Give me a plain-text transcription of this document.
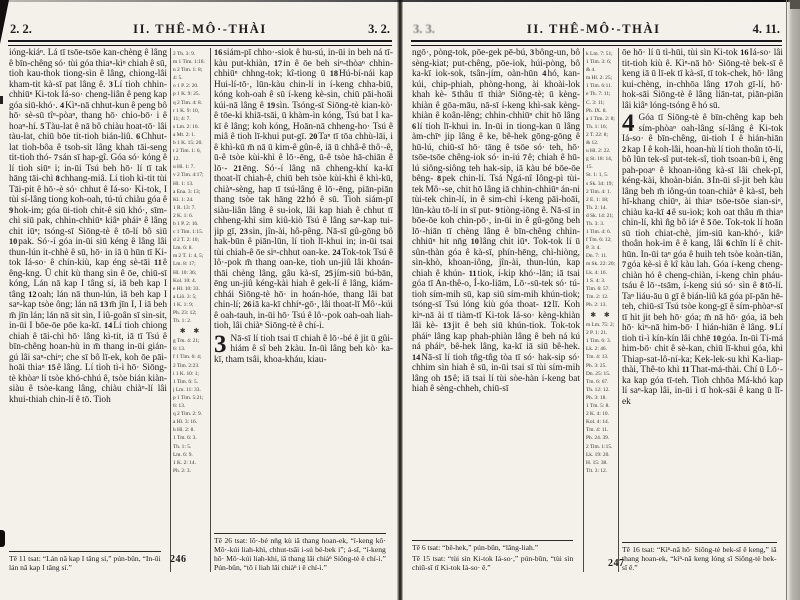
2. 2.	II. THÊ-MÔ·-THÀI	3. 2.
ióng-kiáⁿ. Lá tī tsōe-tsōe kan-chèng ê lâng ê bīn-chêng só· tùi góa thiaⁿ-kìⁿ chiah ê sū, tioh kau-thok tiong-sìn ê lâng, chiong-lâi kham-tit kà-sī pat lâng ê. 3Lí tioh chhin-chhiūⁿ Ki-tok Iá-so· cheng-liân ê peng kap góa siū-khó·. 4Kìⁿ-nā chhut-kun ê peng bô hō· sè-sū tîⁿ-pòaⁿ, thang hō· chio-bō· i ê hoaⁿ-hí. 5Tàu-lat ê nā bô chiàu hoat-tō· lâi tàu-lat, chiū bōe tit-tioh bián-liû. 6Chhut-lat tioh-bôa ê tsoh-sit lâng khah tāi-seng tit-tioh thó- 7sán sī hap-gî. Góa só· kóng ê lí tioh siūⁿ i; in-ūi Tsú beh hō· lí tī tak hāng tāi-chì 8chhang-miâ. Lí tioh kì-tit tùi Tāi-pit ê hō·-è só· chhut ê Iá-so· Ki-tok, I tùi sí-lâng tiong koh-oah, tú-tú chiàu góa ê 9hok-im; góa ūi-tioh chit-ê siū khó·, sīm-chì siū pak, chhin-chhiūⁿ kiâⁿ pháiⁿ ê lâng chit iūⁿ; tsóng-sī Siōng-tè ê tō-lí bô siū 10pak. Só·-í góa in-ūi siū kéng ê lâng lâi thun-lún it-chhè ê sū, hō· in iā ū hūn tī Ki-tok Iá-so· ê chín-kiù, kap éng sè-tāi 11ê êng-kng. Ū chit kù thang sìn ê ōe, chiū-sī kóng, Lán nā kap I tâng sí, iā beh kap I tâng 12oah; lán nā thun-lún, iā beh kap I saⁿ-kap tsòe ông; lán nā 13m̄ jīn I, I iā beh m̄ jīn lán; lán nā sit sìn, I iû-goân sī sìn-sit, in-ūi I bōe-ōe pōe ka-kī. 14Lí tioh chiong chiah ê tāi-chì hō· lâng kì-tit, iā tī Tsú ê bīn-chêng hoan-hù in m̄ thang in-ūi gián-gú lâi saⁿ-chiⁿ; che sī bô lī-ek, koh ōe pāi-hoāi thiaⁿ 15ê lâng. Lí tioh tì-ì hō· Siōng-tè khòaⁿ lí tsòe khó-chhú ê, tsòe bián kiàn-siàu ê tsòe-kang lâng, chiàu chiàⁿ-lí lâi khui-thiah chin-lí ê tō. Tioh
Tē 11 tsat: “Lán nā kap I tâng sí,” pún-bûn, “In-ūi lán nā kap I tâng sí.”
2 Th. 3: 9.
m 1 Tim. 1:18.
n 2 Tim. 1: 8;
4: 5.
o 1 P. 2: 20.
p 1 K. 9: 25.
q 2 Tim. 4: 8.
r 1 K. 9: 10,
11; 4: 7.
s Lm. 2: 16.
a Mt. 2: 1.
b 1 K. 15: 20.
t 2 Tim. 1: 6,
12.
u Hl. 1: 7.
v 2 Tim. 4:17;
Hl. 1: 13.
a Ena. 3: 13;
Kl. 1: 24.
1 R. 13: 7.
2 K. 1: 6.
b 1 P. 2: 16.
c 1 Tim. 1:15.
d 2 T. 2: 10;
Lm. 6: 8.
m 2 T. 1: 4, 5;
Lm. 8: 17;
Hl. 10: 36;
Kol. 10: 4.
e Hl. 10: 33.
a Liō. 3: 5;
1 K. 1: 9;
Ph. 23: 12;
Th. 1: 2.
✱ ✱
g Tm. 4: 21;
6: 13.
f 1 Tim. 6: 4;
2 Tim. 2:23.
i 1 K. 10: 1;
1 Tim. 6: 5.
j Lm. 11: 33.
p 1 Tim. 5:21;
6: 13.
q 2 Tim. 2: 9.
a Hl. 3: 16.
h Hl. 2: 8.
1 Tm. 6: 3.
Th. 1: 5.
Lm. 6: 9.
1 K. 2: 14.
Ph. 2: 3.
16siám-pī chho·-siok ê hu-sú, in-ūi in beh ná tī-kàu put-khiàn, 17in ê ōe beh siⁿ-thòaⁿ chhin-chhiūⁿ chhng-tok; kî-tiong ū 18Hú-bí-nái kap Hui-lí-tō·, lūn-kàu chin-lí in í-keng chha-biū, kóng koh-oah ê sū í-keng kè-sin, chiū pāi-hoāi kúi-nā lâng ê 19sìn. Tsóng-sī Siōng-tè kian-kò· ê tōe-ki khiā-tsāi, ū khàm-ìn kóng, Tsú bat I ka-kī ê lâng; koh kóng, Hoān-nā chheng-ho· Tsú ê miâ ê tioh lī-khui put-gī. 20Taⁿ tī tōa chhù-lāi, i ê khì-kū m̄ nā ū kim-ê gûn-ê, iā ū chhâ-ê thô·-ê, ū-ê tsòe kùi-khì ê lō·-ēng, ū-ê tsòe hā-chiān ê lō·- 21ēng. Só·-í lâng nā chheng-khí ka-kī thoat-lī chiah-ê, chiū beh tsòe kùi-khì ê khì-kū, chiàⁿ-sèng, hap tī tsú-lâng ê lō·-ēng, piān-piān thang tsòe tak hāng 22hó ê sū. Tioh siám-pī siàu-liân lâng ê su-iok, lâi kap hiah ê chhut tī chheng-khì sim kiû-kiò Tsú ê lâng saⁿ-kap tui-jip gī, 23sìn, jîn-ài, hô-pêng. Nā-sī gû-gōng bô hak-būn ê piān-lūn, lí tioh lī-khui in; in-ūi tsai tùi chiah-ê ōe siⁿ-chhut oan-ke. 24Tok-tok Tsú ê lô·-pok m̄ thang oan-ke, tioh un-jiû lâi khoán-thāi chèng lâng, gâu kà-sī, 25jím-siū bú-bān, ēng un-jiû kéng-kài hiah ê gek-lí ê lâng, kiám-chhái Siōng-tè hō· in hoán-hóe, thang lâi bat chin-lí; 26iā ka-kī chhíⁿ-gō·, lâi thoat-lī Mô·-kúi ê oah-tauh, in-ūi hō· Tsú ê lô·-pok oah-oah liah-tioh, lâi chiàⁿ Siōng-tè ê chí-ì.
3 Nā-sī lí tioh tsai tī chiah ê lō·-bé ê jit ū gûi-hiám ê sî beh 2kàu. In-ūi lâng beh kò· ka-kī, tham tsâi, khoa-kháu, kiau-
Tē 26 tsat: lō·-bé nn̄g kù iā thang hoan-ek, “í-keng kō· Mô·-kúi liah-khì, chhut-tsāi i-sú bé-bek i”; á-sī, “í-keng hō· Mô·-kúi liah-khì, iā thang lâi chiàⁿ Siōng-tè ê chí-ì.” Pún-bûn, “tō í liah lâi chiàⁿ i ê chí-ì.”
246
3. 3.	II. THÊ-MÔ·-THÀI	4. 11.
ngō·, pòng-tok, pōe-gek pē-bú, 3bông-un, bô sèng-kiat; put-chêng, pōe-iok, húi-pòng, bô ka-kī iok-sok, tsân-jím, oàn-hūn 4hó, kan-kúi, chip-phiah, phòng-hong, ài khoài-lok khah kè- 5thâu tī thiàⁿ Siōng-tè; ū kèng-khiàn ê gōa-māu, nā-sī í-keng khì-sak kèng-khiàn ê koân-lêng; chhin-chhiūⁿ chit hō lâng 6lí tioh lī-khui in. In-ūi in tiong-kan ū lâng àm-chīⁿ jip lâng ê ke, bê-hek gōng-gōng ê hū-lú, chiū-sī hō· tāng ê tsōe só· teh, hō· tsōe-tsōe chêng-iok só· in-iú 7ê; chiah ê hū-lú siông-siông teh hak-sip, iā kàu bé bōe-ōe bêng- 8pek chin-lí. Tsá Ngá-nî Iông-pì tùi-tek Mô·-se, chit hō lâng iā chhin-chhiūⁿ án-ni tùi-tek chin-lí, in ê sim-chì í-keng pāi-hoāi, lūn-kàu tō-lí in sī put- 9tiòng-iōng ê. Nā-sī in bōe-ōe koh chìn-pō·, in-ūi in ê gû-gōng beh lō·-hiān tī chèng lâng ê bīn-chêng chhin-chhiūⁿ hit nn̄g 10lâng chit iūⁿ. Tok-tok lí ū sûn-thàn góa ê kà-sī, phín-hēng, chì-hiòng, sìn-khò, khoan-iông, jîn-ài, thun-lún, kap chiah ê khún- 11tiok, í-kip khó·-lān; iā tsai góa tī An-thê-o, Í-ko-liām, Lō·-sū-tek só· tú-tioh sím-mih sū, kap siū sím-mih khún-tiok; tsóng-sī Tsú lóng kiù góa thoat- 12lī. Koh kìⁿ-nā ài tī tiàm-tī Ki-tok Iá-so· kèng-khiàn lâi kè- 13jit ê beh siū khún-tiok. Tok-tok pháiⁿ lâng kap phah-phiàn lâng ê beh ná kú ná pháiⁿ, bê-hek lâng, ka-kī iā siū bê-hek. 14Nā-sī lí tioh tn̂g-tn̂g tòa tī só· hak-sip só· chhim sìn hiah ê sū, in-ūi tsai sī tùi sím-mih lâng oh 15ê; iā tsai lí tùi sòe-hàn í-keng bat hiah ê sèng-chheh, chiū-sī
Tē 6 tsat: “bê-hek,” pún-bûn, “lâng-liah.”
Tē 15 tsat: “tùi sìn Ki-tok Iá-so·,” pún-bûn, “tùi sìn chiū-sī tī Ki-tok Iá-so· ê.”
k Lm. 7: 51;
1 Tim. 3: 6;
& 4.
m Hl. 2: 25;
1 Tim. 6:11.
e Th. 7: 11;
C. 3: 11;
Ph. IX. 8.
a 1 Tim. 2: 8;
Th. 1: 16;
2 T. 22: 8;
& 12.
u Hl. 2: 22.
g St. 18: 14,
15.
St. 1: 1, 5.
s Sk. 34: 19;
2 Tim. 4: 1.
2 E. 1: 18;
Th. 2: 14.
d Sk. 14: 21;
Th. 3: 3.
1 Tim. 4: 6.
f Tm. 6: 12;
P. 3: 4.
Dn. 7: 11.
m Sk. 22: 20;
Lk. 4: 16.
1 S. 4: 3.
Tim. 6: 57.
Tm. 2: 12.
Ph. 2: 13.
✱ ✱
m Lm. 75: 2;
2 P. 1: 21.
1 Tim. 6: 3.
Lk. 2: 46.
Tm. 4: 13.
Ph. 3: 25.
Dn. 25: 15.
Tm. 6: 67.
Th. 12: 12.
Ph. 3: 18.
1 Tm. 5: 8.
2 K. 4: 10.
Kol. 4: 14.
Tm. 4: 11.
Ph. 24. 39.
2 Tim. 1:15.
Lk. 19: 20.
H. 15: 38.
Tit. 3: 12.
ōe hō· lí ū tì-hūi, tùi sìn Ki-tok 16Iá-so· lâi tit-tioh kiù ê. Kìⁿ-nā hō· Siōng-tè bek-sī ê keng iā ū lī-ek tī kà-sī, tī tok-chek, hō· lâng kui-chèng, in-chhōa lâng 17oh gī-lí, hō· hok-sāi Siōng-tè ê lâng liān-tat, piān-piān lâi kiâⁿ lóng-tsóng ê hó sū.
4 Góa tī Siōng-tè ê bīn-chêng kap beh sím-phòaⁿ oah-lâng sí-lâng ê Ki-tok Iá-so· ê bīn-chêng, ūi-tioh I ê hián-hiān 2kap I ê koh-lâi, hoan-hù lí tioh thoân tō-lí, bô lūn tek-sî put-tek-sî, tioh tsoan-bū i, ēng pah-poaⁿ ê khoan-iông kà-sī lâi chek-pī, kéng-kài, khoàn-bián. 3In-ūi sî-jit beh kàu lâng beh m̄ iông-ún toan-chiàⁿ ê kà-sī, beh hī-khang chiūⁿ, ài thiaⁿ tsōe-tsōe sian-siⁿ, chiàu ka-kī 4ê su-iok; koh oat thâu m̄ thiaⁿ chin-lí, khì n̂g bô iáⁿ ê 5ōe. Tok-tok lí hoān sū tioh chiat-chè, jím-siū kan-khó·, kiâⁿ thoân hok-im ê ê kang, lâi 6chīn lí ê chit-hūn. In-ūi taⁿ góa ê huih teh tsòe koàn-tiān, 7góa kè-sì ê kî kàu lah. Góa í-keng cheng-chiàn hó ê cheng-chiàn, í-keng chìn pháu-tsáu ê lō·-tsām, í-keng siú só· sìn ê 8tō-lí. Taⁿ liáu-āu ū gī ê bián-liû kā góa pī-pān hē-teh, chiū-sī Tsú tsòe kong-gī ê sím-phòaⁿ-sī tī hit jit beh hō· góa; m̄ nā hō· góa, iā beh hō· kìⁿ-nā him-bō· I hián-hiān ê lâng. 9Lí tioh tì-ì kín-kín lâi chhē 10góa. In-ūi Tí-má him-bō· chit ê sè-kan, chiū lī-khui góa, khì Thiap-sat-lô-ní-ka; Kek-lek-su khì Ka-liap-thài, Thê-to khì 11That-má-thài. Chí ū Lō·-ka kap góa tī-teh. Tioh chhōa Má-khó kap lí saⁿ-kap lâi, in-ūi i tī hok-sāi ê kang ū lī-ek
Tē 16 tsat: “Kìⁿ-nā hō· Siōng-tè bek-sī ê keng,” iā thang hoan-ek, “kìⁿ-nā keng lóng sī Siōng-tè bek-sī ê.”
247
